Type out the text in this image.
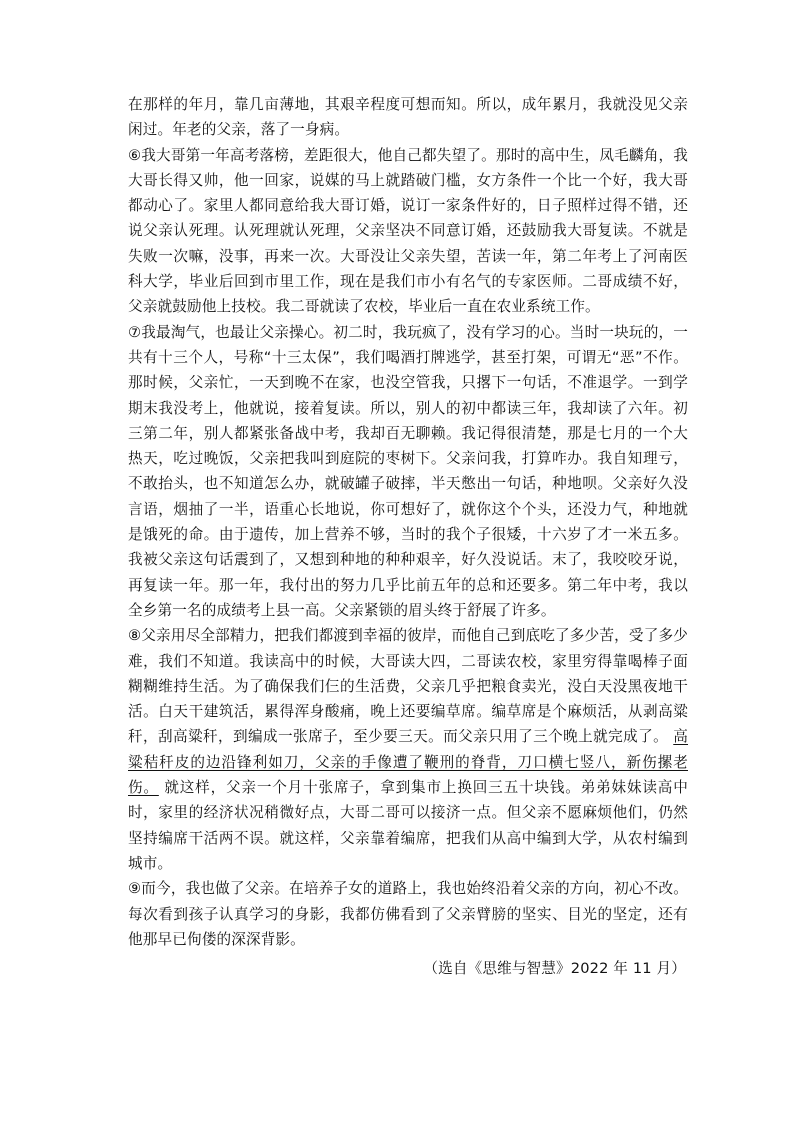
在那样的年月，靠几亩薄地，其艰辛程度可想而知。所以，成年累月，我就没见父亲闲过。年老的父亲，落了一身病。

⑥我大哥第一年高考落榜，差距很大，他自己都失望了。那时的高中生，凤毛麟角，我大哥长得又帅，他一回家，说媒的马上就踏破门槛，女方条件一个比一个好，我大哥都动心了。家里人都同意给我大哥订婚，说订一家条件好的，日子照样过得不错，还说父亲认死理。认死理就认死理，父亲坚决不同意订婚，还鼓励我大哥复读。不就是失败一次嘛，没事，再来一次。大哥没让父亲失望，苦读一年，第二年考上了河南医科大学，毕业后回到市里工作，现在是我们市小有名气的专家医师。二哥成绩不好，父亲就鼓励他上技校。我二哥就读了农校，毕业后一直在农业系统工作。

⑦我最淘气，也最让父亲操心。初二时，我玩疯了，没有学习的心。当时一块玩的，一共有十三个人，号称“十三太保”，我们喝酒打牌逃学，甚至打架，可谓无“恶”不作。那时候，父亲忙，一天到晚不在家，也没空管我，只撂下一句话，不准退学。一到学期末我没考上，他就说，接着复读。所以，别人的初中都读三年，我却读了六年。初三第二年，别人都紧张备战中考，我却百无聊赖。我记得很清楚，那是七月的一个大热天，吃过晚饭，父亲把我叫到庭院的枣树下。父亲问我，打算咋办。我自知理亏，不敢抬头，也不知道怎么办，就破罐子破摔，半天憋出一句话，种地呗。父亲好久没言语，烟抽了一半，语重心长地说，你可想好了，就你这个个头，还没力气，种地就是饿死的命。由于遗传，加上营养不够，当时的我个子很矮，十六岁了才一米五多。我被父亲这句话震到了，又想到种地的种种艰辛，好久没说话。末了，我咬咬牙说，再复读一年。那一年，我付出的努力几乎比前五年的总和还要多。第二年中考，我以全乡第一名的成绩考上县一高。父亲紧锁的眉头终于舒展了许多。

⑧父亲用尽全部精力，把我们都渡到幸福的彼岸，而他自己到底吃了多少苦，受了多少难，我们不知道。我读高中的时候，大哥读大四，二哥读农校，家里穷得靠喝棒子面糊糊维持生活。为了确保我们仨的生活费，父亲几乎把粮食卖光，没白天没黑夜地干活。白天干建筑活，累得浑身酸痛，晚上还要编草席。编草席是个麻烦活，从剥高粱秆，刮高粱秆，到编成一张席子，至少要三天。而父亲只用了三个晚上就完成了。 高粱秸秆皮的边沿锋利如刀，父亲的手像遭了鞭刑的脊背，刀口横七竖八，新伤摞老伤。 就这样，父亲一个月十张席子，拿到集市上换回三五十块钱。弟弟妹妹读高中时，家里的经济状况稍微好点，大哥二哥可以接济一点。但父亲不愿麻烦他们，仍然坚持编席干活两不误。就这样，父亲靠着编席，把我们从高中编到大学，从农村编到城市。

⑨而今，我也做了父亲。在培养子女的道路上，我也始终沿着父亲的方向，初心不改。每次看到孩子认真学习的身影，我都仿佛看到了父亲臂膀的坚实、目光的坚定，还有他那早已佝偻的深深背影。

（选自《思维与智慧》2022 年 11 月）
